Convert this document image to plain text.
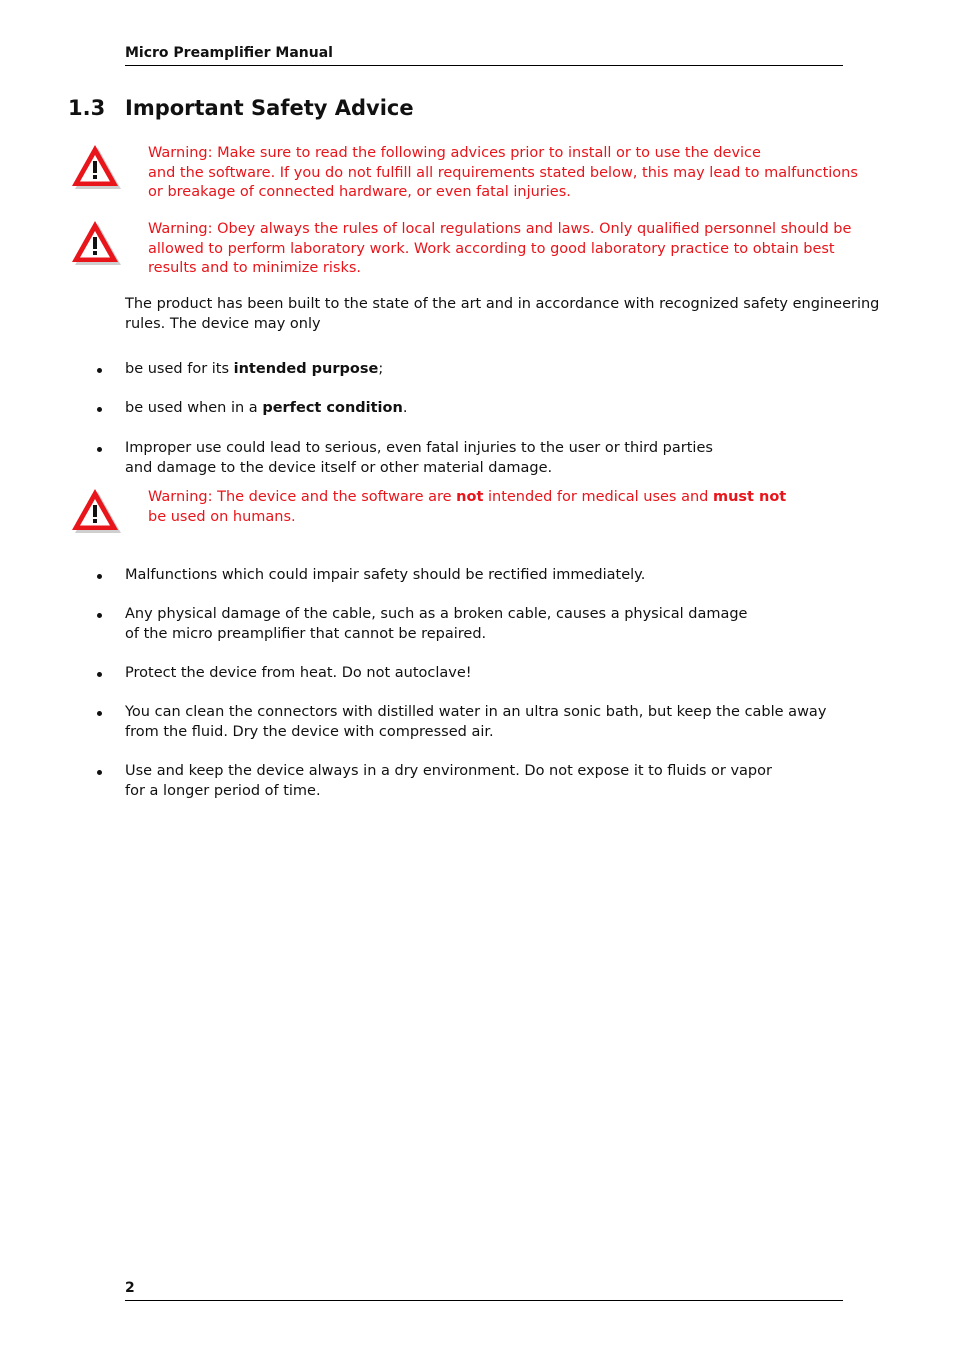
Micro Preamplifier Manual
1.3 Important Safety Advice

Warning: Make sure to read the following advices prior to install or to use the device
and the software. If you do not fulfill all requirements stated below, this may lead to malfunctions
or breakage of connected hardware, or even fatal injuries.

Warning: Obey always the rules of local regulations and laws. Only qualified personnel should be
allowed to perform laboratory work. Work according to good laboratory practice to obtain best
results and to minimize risks.

The product has been built to the state of the art and in accordance with recognized safety engineering
rules. The device may only

be used for its intended purpose;
be used when in a perfect condition.
Improper use could lead to serious, even fatal injuries to the user or third parties
and damage to the device itself or other material damage.

Warning: The device and the software are not intended for medical uses and must not
be used on humans.

Malfunctions which could impair safety should be rectified immediately.
Any physical damage of the cable, such as a broken cable, causes a physical damage
of the micro preamplifier that cannot be repaired.
Protect the device from heat. Do not autoclave!
You can clean the connectors with distilled water in an ultra sonic bath, but keep the cable away
from the fluid. Dry the device with compressed air.
Use and keep the device always in a dry environment. Do not expose it to fluids or vapor
for a longer period of time.
2
